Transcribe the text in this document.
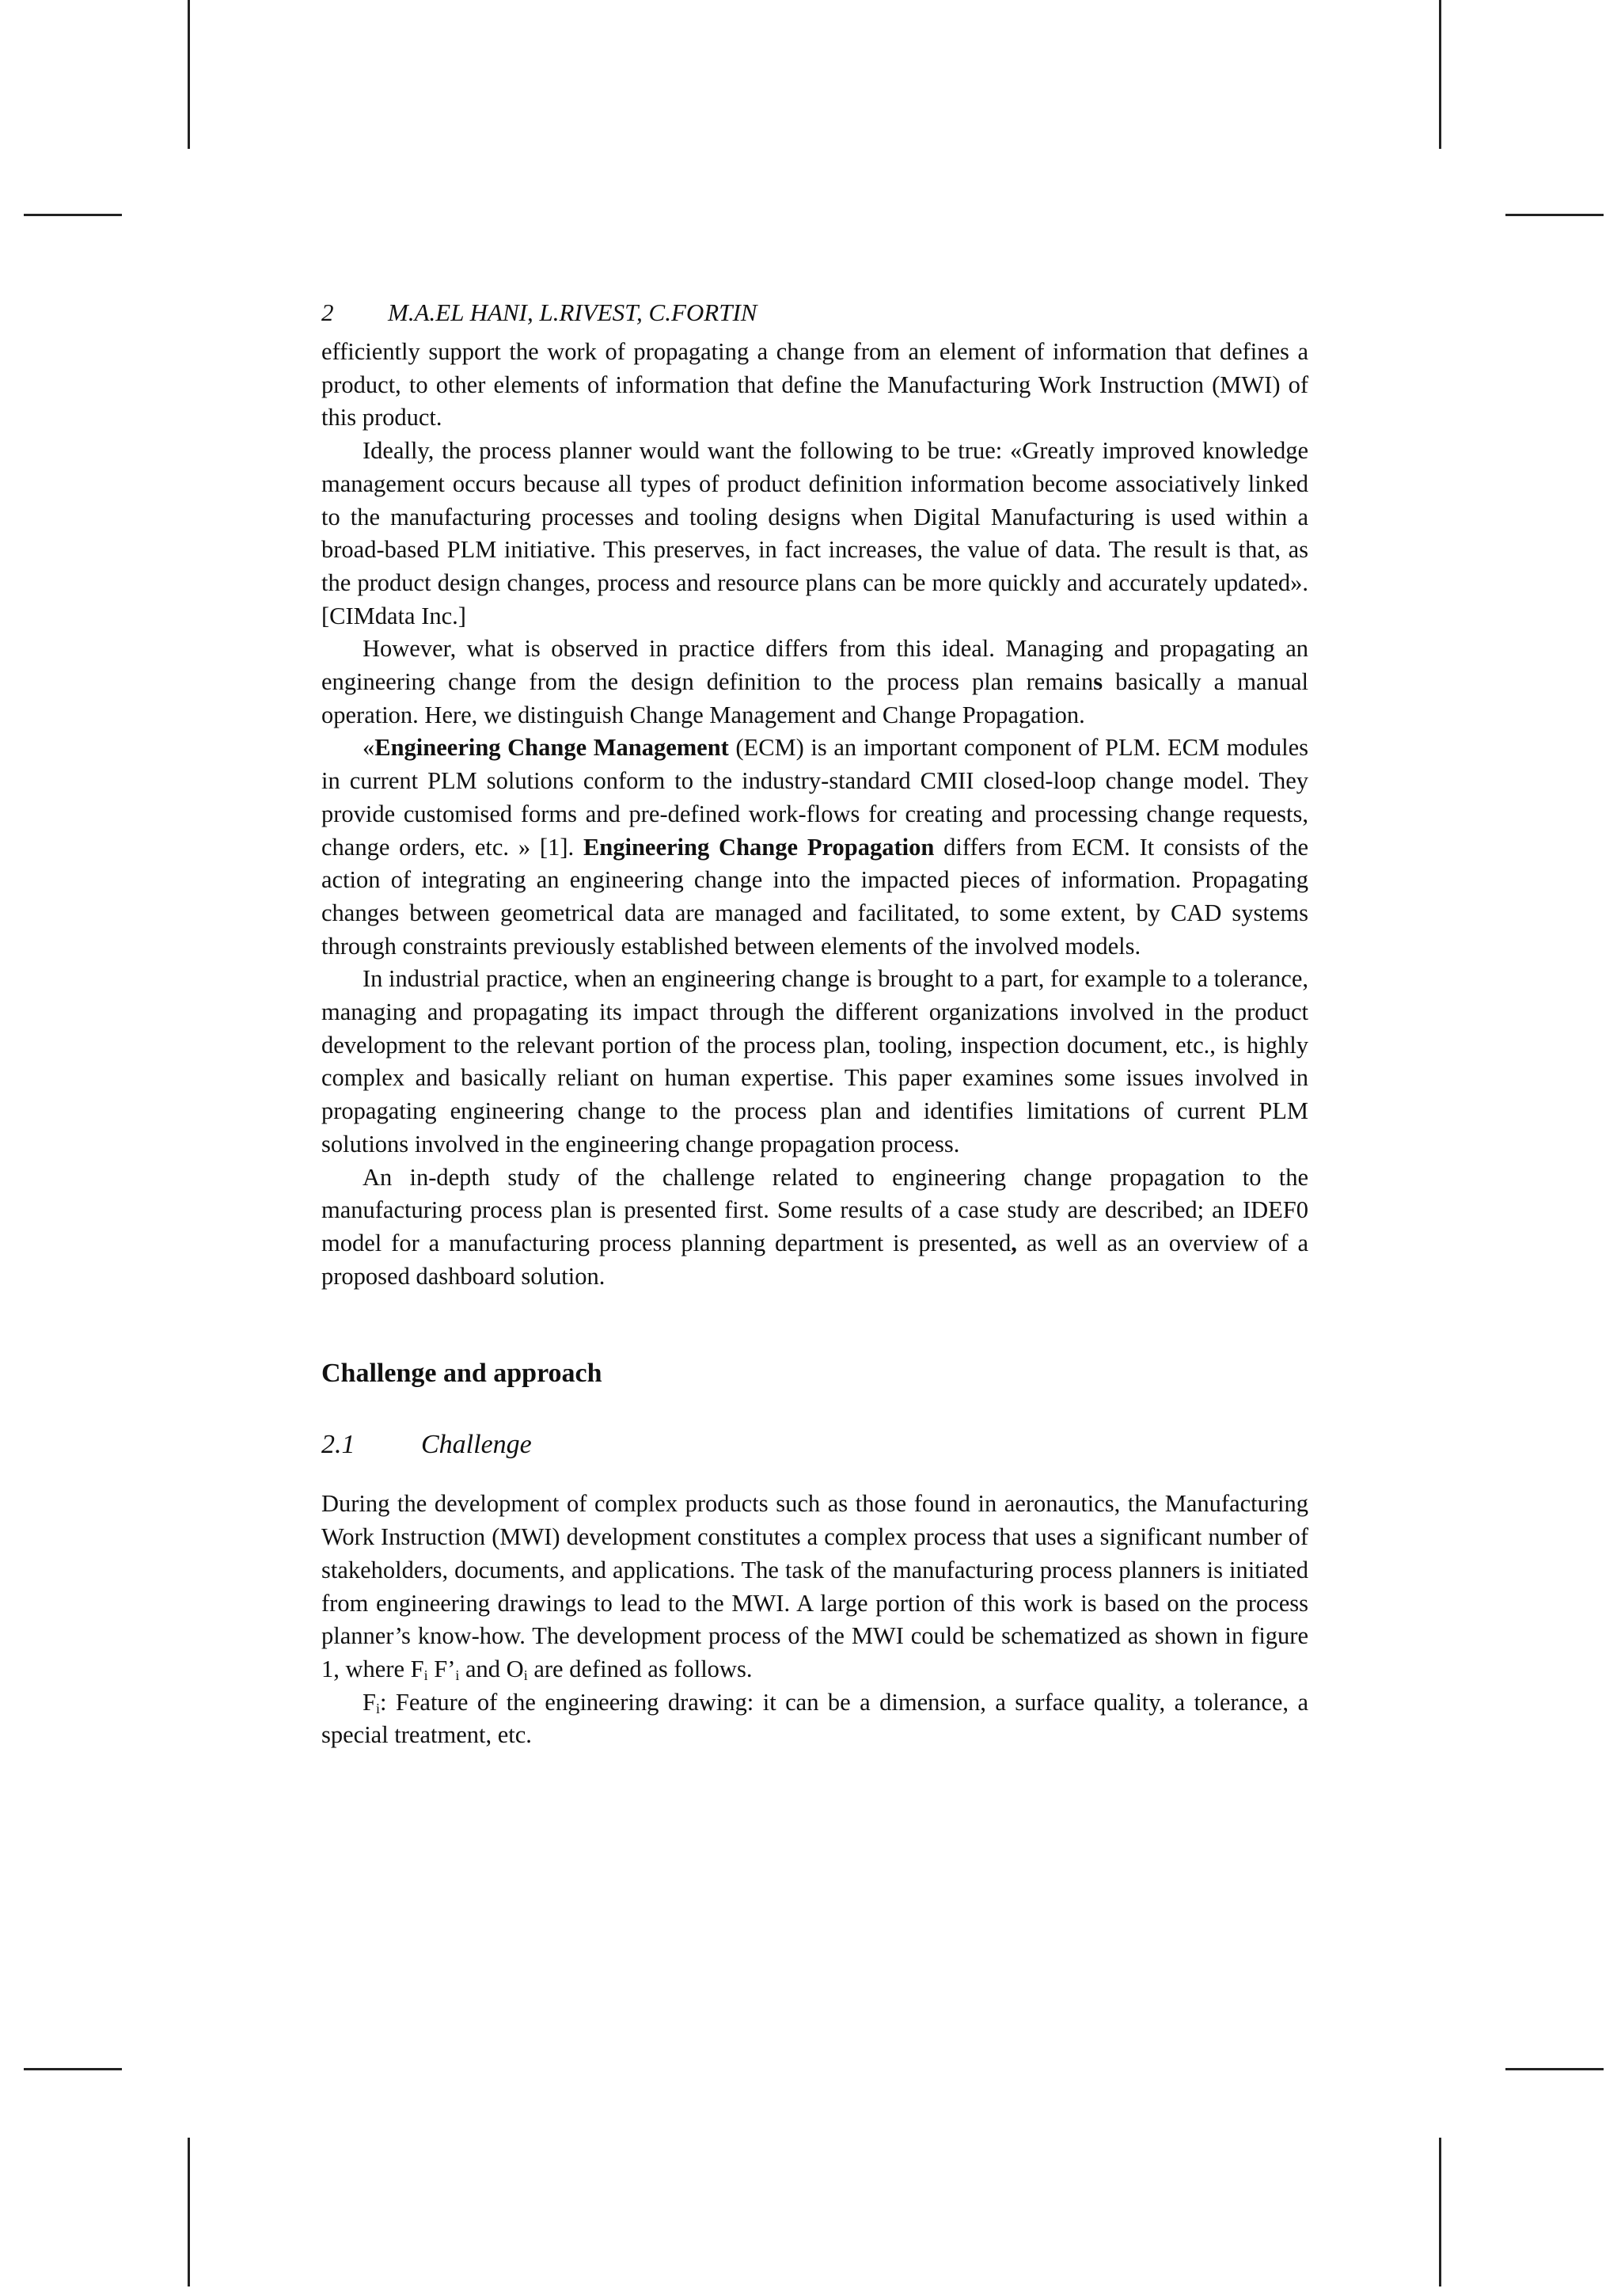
2	M.A.EL HANI, L.RIVEST, C.FORTIN

efficiently support the work of propagating a change from an element of information that defines a product, to other elements of information that define the Manufacturing Work Instruction (MWI) of this product.

Ideally, the process planner would want the following to be true: «Greatly improved knowledge management occurs because all types of product definition information become associatively linked to the manufacturing processes and tooling designs when Digital Manufacturing is used within a broad-based PLM initiative. This preserves, in fact increases, the value of data. The result is that, as the product design changes, process and resource plans can be more quickly and accurately updated». [CIMdata Inc.]

However, what is observed in practice differs from this ideal. Managing and propagating an engineering change from the design definition to the process plan remains basically a manual operation. Here, we distinguish Change Management and Change Propagation.

«Engineering Change Management (ECM) is an important component of PLM. ECM modules in current PLM solutions conform to the industry-standard CMII closed-loop change model. They provide customised forms and pre-defined work-flows for creating and processing change requests, change orders, etc. » [1]. Engineering Change Propagation differs from ECM. It consists of the action of integrating an engineering change into the impacted pieces of information. Propagating changes between geometrical data are managed and facilitated, to some extent, by CAD systems through constraints previously established between elements of the involved models.

In industrial practice, when an engineering change is brought to a part, for example to a tolerance, managing and propagating its impact through the different organizations involved in the product development to the relevant portion of the process plan, tooling, inspection document, etc., is highly complex and basically reliant on human expertise. This paper examines some issues involved in propagating engineering change to the process plan and identifies limitations of current PLM solutions involved in the engineering change propagation process.

An in-depth study of the challenge related to engineering change propagation to the manufacturing process plan is presented first. Some results of a case study are described; an IDEF0 model for a manufacturing process planning department is presented, as well as an overview of a proposed dashboard solution.

Challenge and approach
2.1	Challenge

During the development of complex products such as those found in aeronautics, the Manufacturing Work Instruction (MWI) development constitutes a complex process that uses a significant number of stakeholders, documents, and applications. The task of the manufacturing process planners is initiated from engineering drawings to lead to the MWI. A large portion of this work is based on the process planner’s know-how. The development process of the MWI could be schematized as shown in figure 1, where $F_i$ $F’_i$ and $O_i$ are defined as follows.

$F_i$: Feature of the engineering drawing: it can be a dimension, a surface quality, a tolerance, a special treatment, etc.
